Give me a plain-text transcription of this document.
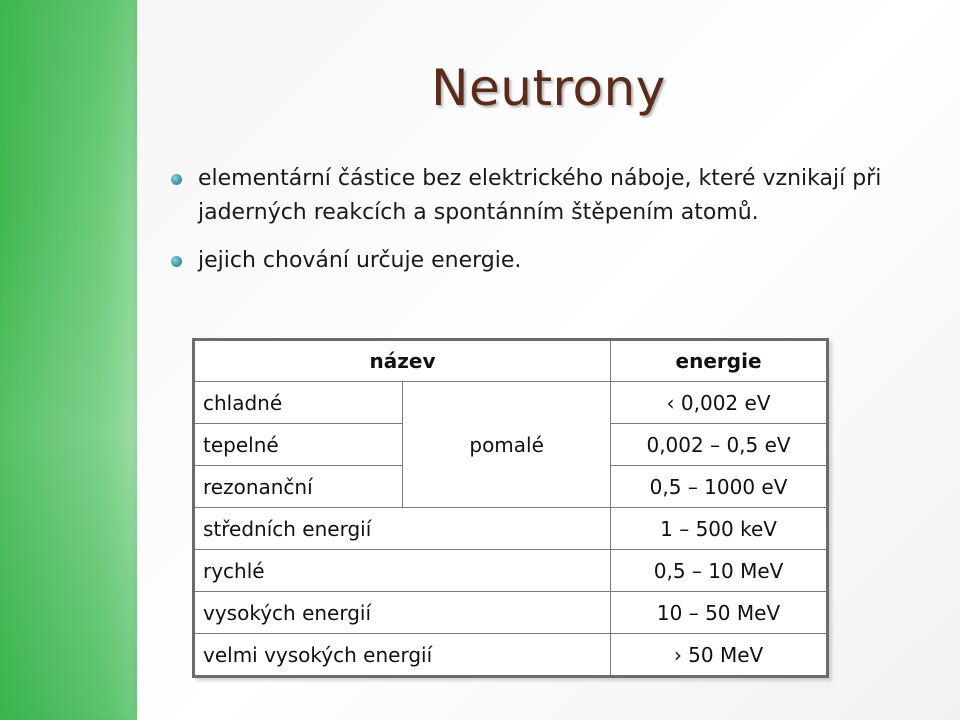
Neutrony
elementární částice bez elektrického náboje, které vznikají při jaderných reakcích a spontánním štěpením atomů.
jejich chování určuje energie.
název		energie
chladné	pomalé	‹ 0,002 eV
tepelné		0,002 – 0,5 eV
rezonanční		0,5 – 1000 eV
středních energií		1 – 500 keV
rychlé		0,5 – 10 MeV
vysokých energií		10 – 50 MeV
velmi vysokých energií		› 50 MeV
